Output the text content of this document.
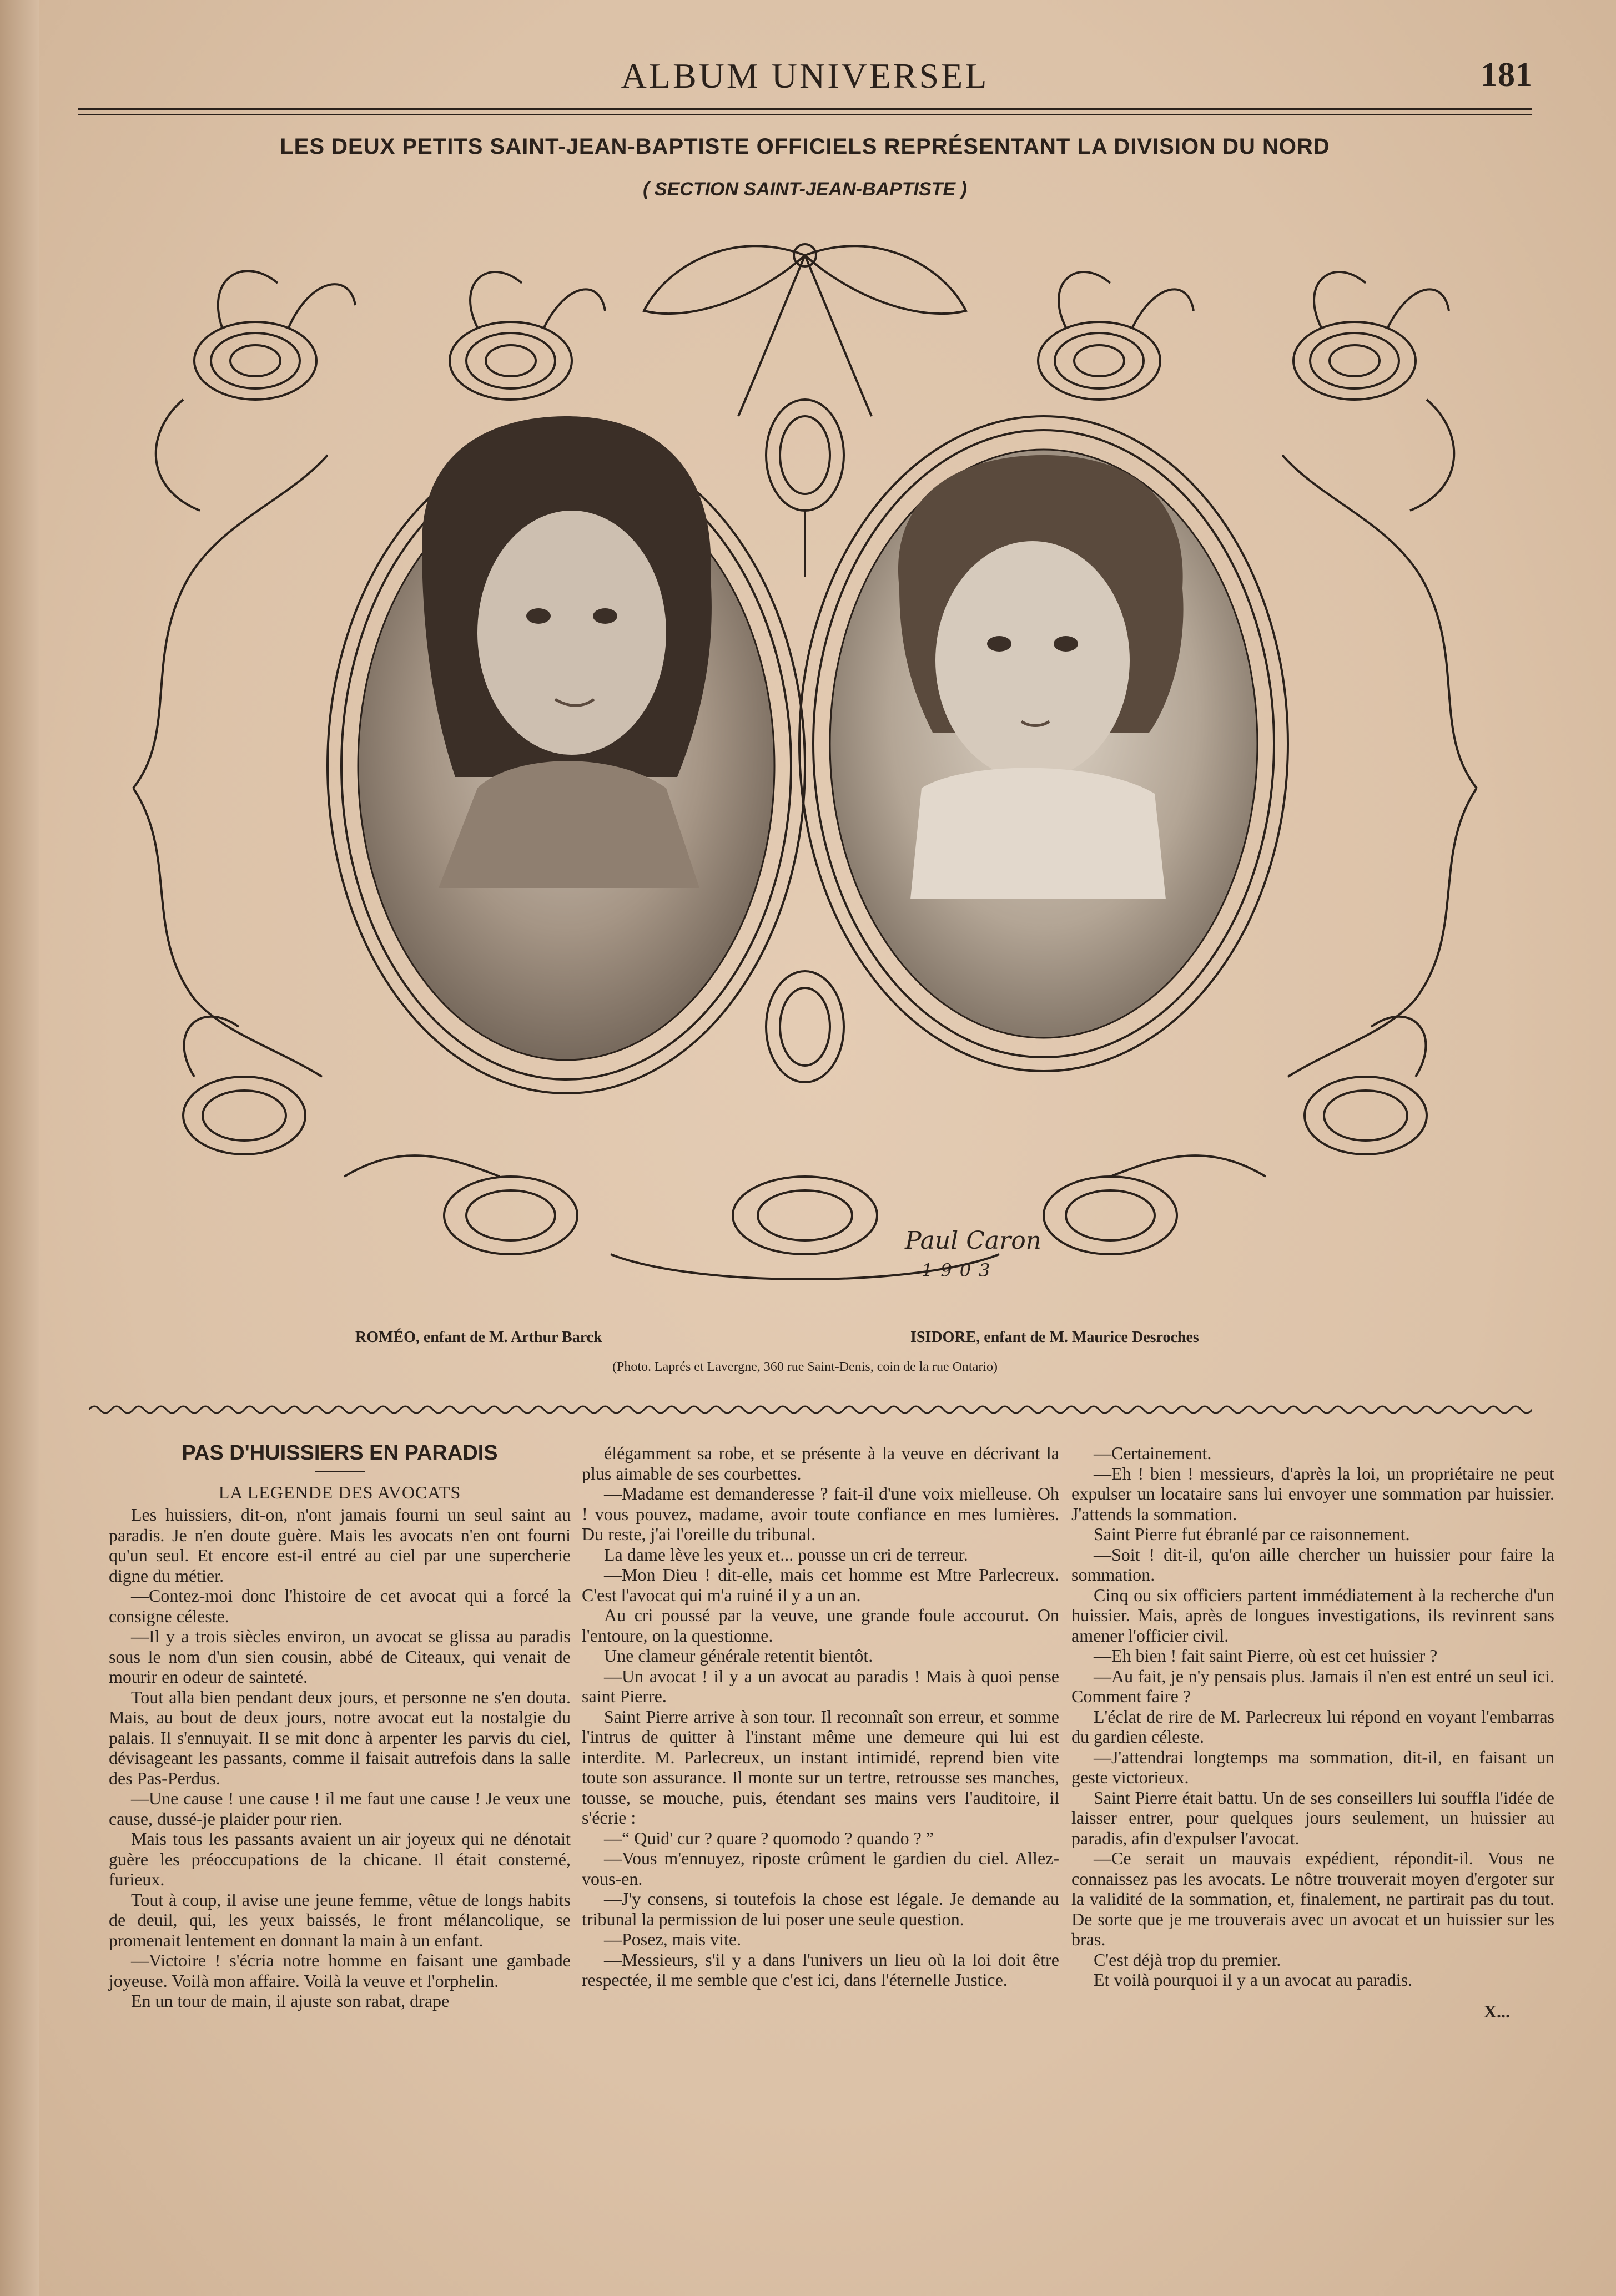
ALBUM UNIVERSEL	181
LES DEUX PETITS SAINT-JEAN-BAPTISTE OFFICIELS REPRÉSENTANT LA DIVISION DU NORD
( SECTION SAINT-JEAN-BAPTISTE )
Paul Caron
1903
ROMÉO, enfant de M. Arthur Barck	ISIDORE, enfant de M. Maurice Desroches
(Photo. Laprés et Lavergne, 360 rue Saint-Denis, coin de la rue Ontario)

PAS D'HUISSIERS EN PARADIS

LA LEGENDE DES AVOCATS

Les huissiers, dit-on, n'ont jamais fourni un seul saint au paradis. Je n'en doute guère. Mais les avocats n'en ont fourni qu'un seul. Et encore est-il entré au ciel par une supercherie digne du métier.

—Contez-moi donc l'histoire de cet avocat qui a forcé la consigne céleste.

—Il y a trois siècles environ, un avocat se glissa au paradis sous le nom d'un sien cousin, abbé de Citeaux, qui venait de mourir en odeur de sainteté.

Tout alla bien pendant deux jours, et personne ne s'en douta. Mais, au bout de deux jours, notre avocat eut la nostalgie du palais. Il s'ennuyait. Il se mit donc à arpenter les parvis du ciel, dévisageant les passants, comme il faisait autrefois dans la salle des Pas-Perdus.

—Une cause ! une cause ! il me faut une cause ! Je veux une cause, dussé-je plaider pour rien.

Mais tous les passants avaient un air joyeux qui ne dénotait guère les préoccupations de la chicane. Il était consterné, furieux.

Tout à coup, il avise une jeune femme, vêtue de longs habits de deuil, qui, les yeux baissés, le front mélancolique, se promenait lentement en donnant la main à un enfant.

—Victoire ! s'écria notre homme en faisant une gambade joyeuse. Voilà mon affaire. Voilà la veuve et l'orphelin.

En un tour de main, il ajuste son rabat, drape

élégamment sa robe, et se présente à la veuve en décrivant la plus aimable de ses courbettes.

—Madame est demanderesse ? fait-il d'une voix mielleuse. Oh ! vous pouvez, madame, avoir toute confiance en mes lumières. Du reste, j'ai l'oreille du tribunal.

La dame lève les yeux et... pousse un cri de terreur.

—Mon Dieu ! dit-elle, mais cet homme est Mtre Parlecreux. C'est l'avocat qui m'a ruiné il y a un an.

Au cri poussé par la veuve, une grande foule accourut. On l'entoure, on la questionne.

Une clameur générale retentit bientôt.

—Un avocat ! il y a un avocat au paradis ! Mais à quoi pense saint Pierre.

Saint Pierre arrive à son tour. Il reconnaît son erreur, et somme l'intrus de quitter à l'instant même une demeure qui lui est interdite. M. Parlecreux, un instant intimidé, reprend bien vite toute son assurance. Il monte sur un tertre, retrousse ses manches, tousse, se mouche, puis, étendant ses mains vers l'auditoire, il s'écrie :

—“ Quid' cur ? quare ? quomodo ? quando ? ”

—Vous m'ennuyez, riposte crûment le gardien du ciel. Allez-vous-en.

—J'y consens, si toutefois la chose est légale. Je demande au tribunal la permission de lui poser une seule question.

—Posez, mais vite.

—Messieurs, s'il y a dans l'univers un lieu où la loi doit être respectée, il me semble que c'est ici, dans l'éternelle Justice.

—Certainement.

—Eh ! bien ! messieurs, d'après la loi, un propriétaire ne peut expulser un locataire sans lui envoyer une sommation par huissier. J'attends la sommation.

Saint Pierre fut ébranlé par ce raisonnement.

—Soit ! dit-il, qu'on aille chercher un huissier pour faire la sommation.

Cinq ou six officiers partent immédiatement à la recherche d'un huissier. Mais, après de longues investigations, ils revinrent sans amener l'officier civil.

—Eh bien ! fait saint Pierre, où est cet huissier ?

—Au fait, je n'y pensais plus. Jamais il n'en est entré un seul ici. Comment faire ?

L'éclat de rire de M. Parlecreux lui répond en voyant l'embarras du gardien céleste.

—J'attendrai longtemps ma sommation, dit-il, en faisant un geste victorieux.

Saint Pierre était battu. Un de ses conseillers lui souffla l'idée de laisser entrer, pour quelques jours seulement, un huissier au paradis, afin d'expulser l'avocat.

—Ce serait un mauvais expédient, répondit-il. Vous ne connaissez pas les avocats. Le nôtre trouverait moyen d'ergoter sur la validité de la sommation, et, finalement, ne partirait pas du tout. De sorte que je me trouverais avec un avocat et un huissier sur les bras.

C'est déjà trop du premier.

Et voilà pourquoi il y a un avocat au paradis.

X...
